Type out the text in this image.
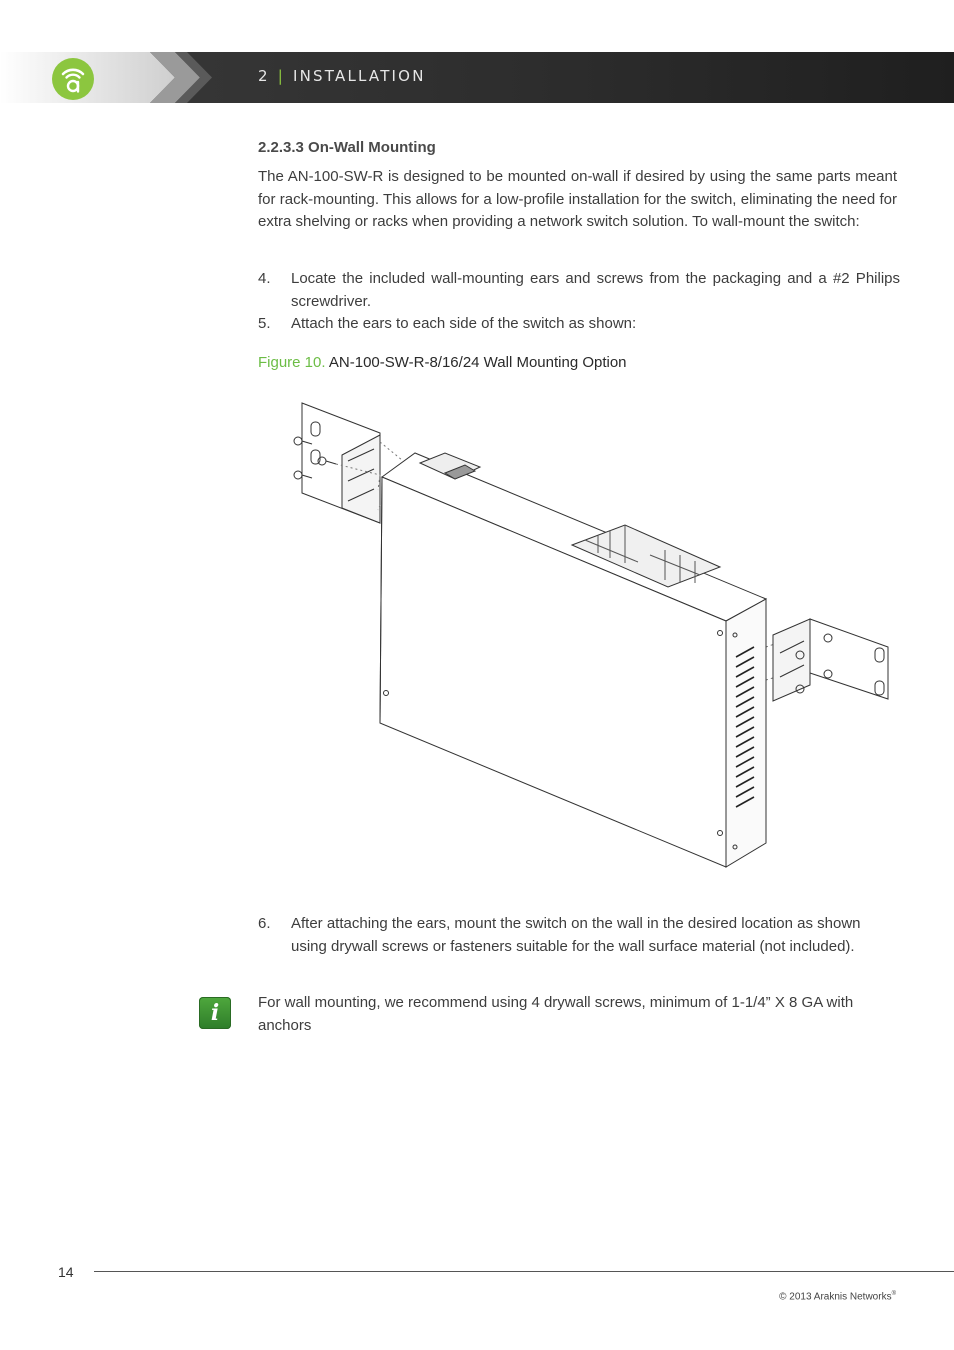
2 | INSTALLATION
2.2.3.3 On-Wall Mounting
The AN-100-SW-R is designed to be mounted on-wall if desired by using the same parts meant for rack-mounting. This allows for a low-profile installation for the switch, eliminating the need for extra shelving or racks when providing a network switch solution. To wall-mount the switch:
4. Locate the included wall-mounting ears and screws from the packaging and a #2 Philips screwdriver.
5. Attach the ears to each side of the switch as shown:
Figure 10. AN-100-SW-R-8/16/24 Wall Mounting Option
6. After attaching the ears, mount the switch on the wall in the desired location as shown using drywall screws or fasteners suitable for the wall surface material (not included).
i	For wall mounting, we recommend using 4 drywall screws, minimum of 1-1/4” X 8 GA with anchors
14
© 2013 Araknis Networks®
